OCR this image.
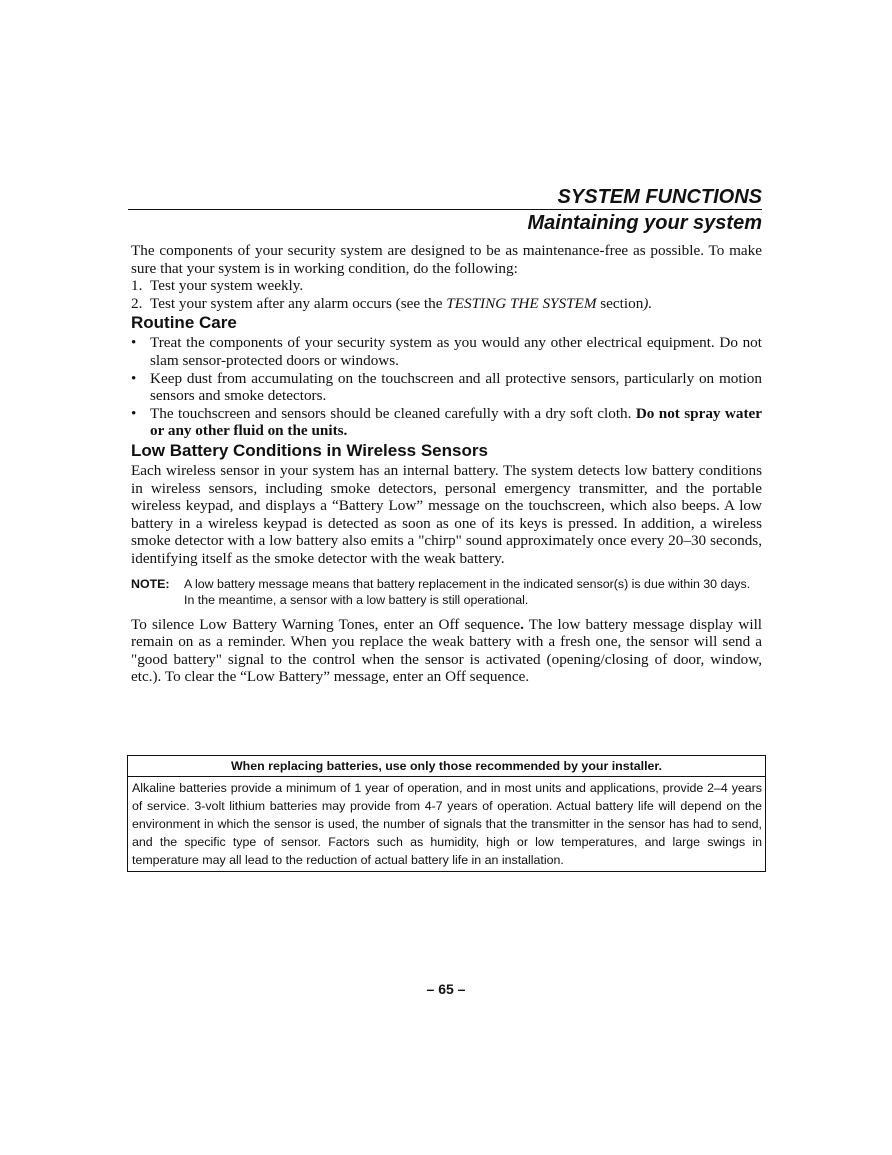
SYSTEM FUNCTIONS
Maintaining your system

The components of your security system are designed to be as maintenance-free as possible. To make sure that your system is in working condition, do the following:

1. Test your system weekly.
2. Test your system after any alarm occurs (see the TESTING THE SYSTEM section).
Routine Care
• Treat the components of your security system as you would any other electrical equipment. Do not slam sensor-protected doors or windows.
• Keep dust from accumulating on the touchscreen and all protective sensors, particularly on motion sensors and smoke detectors.
• The touchscreen and sensors should be cleaned carefully with a dry soft cloth. Do not spray water or any other fluid on the units.
Low Battery Conditions in Wireless Sensors

Each wireless sensor in your system has an internal battery. The system detects low battery conditions in wireless sensors, including smoke detectors, personal emergency transmitter, and the portable wireless keypad, and displays a “Battery Low” message on the touchscreen, which also beeps. A low battery in a wireless keypad is detected as soon as one of its keys is pressed. In addition, a wireless smoke detector with a low battery also emits a "chirp" sound approximately once every 20–30 seconds, identifying itself as the smoke detector with the weak battery.

NOTE:	A low battery message means that battery replacement in the indicated sensor(s) is due within 30 days. In the meantime, a sensor with a low battery is still operational.

To silence Low Battery Warning Tones, enter an Off sequence. The low battery message display will remain on as a reminder. When you replace the weak battery with a fresh one, the sensor will send a "good battery" signal to the control when the sensor is activated (opening/closing of door, window, etc.). To clear the “Low Battery” message, enter an Off sequence.

When replacing batteries, use only those recommended by your installer.
Alkaline batteries provide a minimum of 1 year of operation, and in most units and applications, provide 2–4 years of service. 3-volt lithium batteries may provide from 4-7 years of operation. Actual battery life will depend on the environment in which the sensor is used, the number of signals that the transmitter in the sensor has had to send, and the specific type of sensor. Factors such as humidity, high or low temperatures, and large swings in temperature may all lead to the reduction of actual battery life in an installation.
– 65 –
